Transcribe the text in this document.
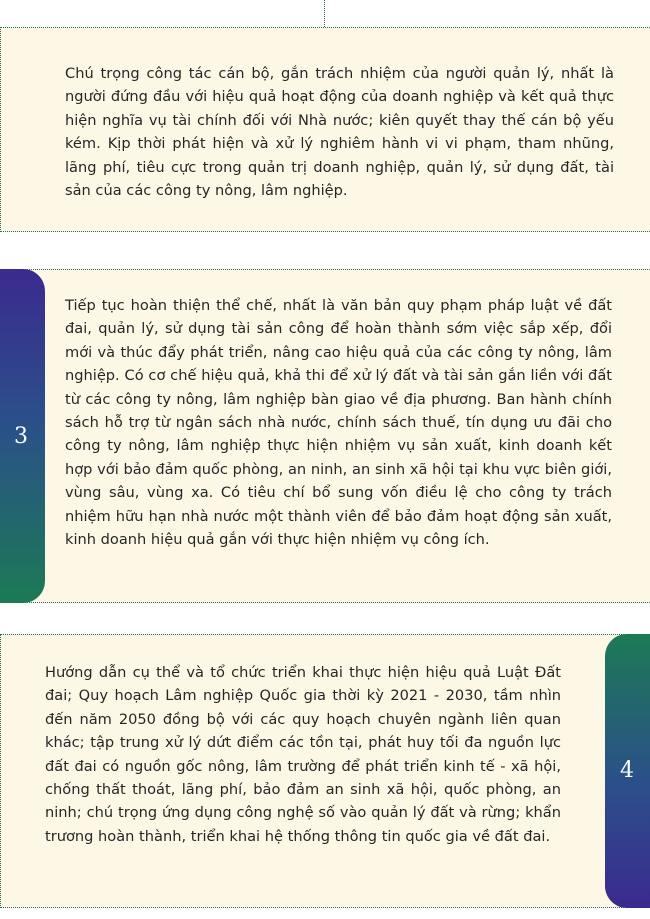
Chú trọng công tác cán bộ, gắn trách nhiệm của người quản lý, nhất là người đứng đầu với hiệu quả hoạt động của doanh nghiệp và kết quả thực hiện nghĩa vụ tài chính đối với Nhà nước; kiên quyết thay thế cán bộ yếu kém. Kịp thời phát hiện và xử lý nghiêm hành vi vi phạm, tham nhũng, lãng phí, tiêu cực trong quản trị doanh nghiệp, quản lý, sử dụng đất, tài sản của các công ty nông, lâm nghiệp.
Tiếp tục hoàn thiện thể chế, nhất là văn bản quy phạm pháp luật về đất đai, quản lý, sử dụng tài sản công để hoàn thành sớm việc sắp xếp, đổi mới và thúc đẩy phát triển, nâng cao hiệu quả của các công ty nông, lâm nghiệp. Có cơ chế hiệu quả, khả thi để xử lý đất và tài sản gắn liền với đất từ các công ty nông, lâm nghiệp bàn giao về địa phương. Ban hành chính sách hỗ trợ từ ngân sách nhà nước, chính sách thuế, tín dụng ưu đãi cho công ty nông, lâm nghiệp thực hiện nhiệm vụ sản xuất, kinh doanh kết hợp với bảo đảm quốc phòng, an ninh, an sinh xã hội tại khu vực biên giới, vùng sâu, vùng xa. Có tiêu chí bổ sung vốn điều lệ cho công ty trách nhiệm hữu hạn nhà nước một thành viên để bảo đảm hoạt động sản xuất, kinh doanh hiệu quả gắn với thực hiện nhiệm vụ công ích.
3
Hướng dẫn cụ thể và tổ chức triển khai thực hiện hiệu quả Luật Đất đai; Quy hoạch Lâm nghiệp Quốc gia thời kỳ 2021 - 2030, tầm nhìn đến năm 2050 đồng bộ với các quy hoạch chuyên ngành liên quan khác; tập trung xử lý dứt điểm các tồn tại, phát huy tối đa nguồn lực đất đai có nguồn gốc nông, lâm trường để phát triển kinh tế - xã hội, chống thất thoát, lãng phí, bảo đảm an sinh xã hội, quốc phòng, an ninh; chú trọng ứng dụng công nghệ số vào quản lý đất và rừng; khẩn trương hoàn thành, triển khai hệ thống thông tin quốc gia về đất đai.
4
